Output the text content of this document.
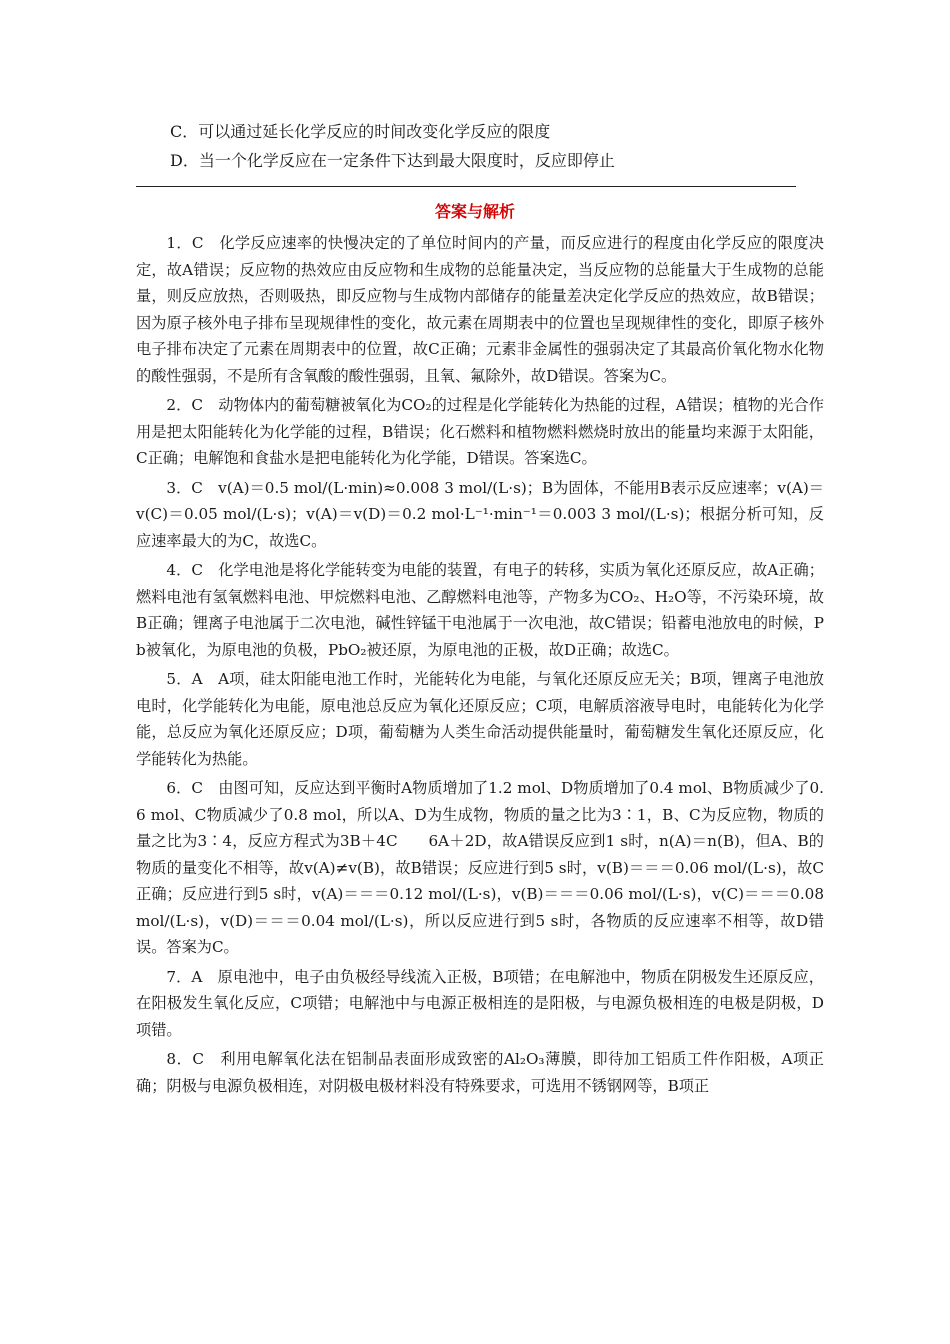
C．可以通过延长化学反应的时间改变化学反应的限度
D．当一个化学反应在一定条件下达到最大限度时，反应即停止
答案与解析

1．C　化学反应速率的快慢决定的了单位时间内的产量，而反应进行的程度由化学反应的限度决定，故A错误；反应物的热效应由反应物和生成物的总能量决定，当反应物的总能量大于生成物的总能量，则反应放热，否则吸热，即反应物与生成物内部储存的能量差决定化学反应的热效应，故B错误；因为原子核外电子排布呈现规律性的变化，故元素在周期表中的位置也呈现规律性的变化，即原子核外电子排布决定了元素在周期表中的位置，故C正确；元素非金属性的强弱决定了其最高价氧化物水化物的酸性强弱，不是所有含氧酸的酸性强弱，且氧、氟除外，故D错误。答案为C。

2．C　动物体内的葡萄糖被氧化为CO₂的过程是化学能转化为热能的过程，A错误；植物的光合作用是把太阳能转化为化学能的过程，B错误；化石燃料和植物燃料燃烧时放出的能量均来源于太阳能，C正确；电解饱和食盐水是把电能转化为化学能，D错误。答案选C。

3．C　v(A)＝0.5 mol/(L·min)≈0.008 3 mol/(L·s)；B为固体，不能用B表示反应速率；v(A)＝v(C)＝0.05 mol/(L·s)；v(A)＝v(D)＝0.2 mol·L⁻¹·min⁻¹＝0.003 3 mol/(L·s)；根据分析可知，反应速率最大的为C，故选C。

4．C　化学电池是将化学能转变为电能的装置，有电子的转移，实质为氧化还原反应，故A正确；燃料电池有氢氧燃料电池、甲烷燃料电池、乙醇燃料电池等，产物多为CO₂、H₂O等，不污染环境，故B正确；锂离子电池属于二次电池，碱性锌锰干电池属于一次电池，故C错误；铅蓄电池放电的时候，Pb被氧化，为原电池的负极，PbO₂被还原，为原电池的正极，故D正确；故选C。

5．A　A项，硅太阳能电池工作时，光能转化为电能，与氧化还原反应无关；B项，锂离子电池放电时，化学能转化为电能，原电池总反应为氧化还原反应；C项，电解质溶液导电时，电能转化为化学能，总反应为氧化还原反应；D项，葡萄糖为人类生命活动提供能量时，葡萄糖发生氧化还原反应，化学能转化为热能。

6．C　由图可知，反应达到平衡时A物质增加了1.2 mol、D物质增加了0.4 mol、B物质减少了0.6 mol、C物质减少了0.8 mol，所以A、D为生成物，物质的量之比为3∶1，B、C为反应物，物质的量之比为3∶4，反应方程式为3B＋4C　　6A＋2D，故A错误反应到1 s时，n(A)＝n(B)，但A、B的物质的量变化不相等，故v(A)≠v(B)，故B错误；反应进行到5 s时，v(B)＝＝＝0.06 mol/(L·s)，故C正确；反应进行到5 s时，v(A)＝＝＝0.12 mol/(L·s)，v(B)＝＝＝0.06 mol/(L·s)，v(C)＝＝＝0.08 mol/(L·s)，v(D)＝＝＝0.04 mol/(L·s)，所以反应进行到5 s时，各物质的反应速率不相等，故D错误。答案为C。

7．A　原电池中，电子由负极经导线流入正极，B项错；在电解池中，物质在阴极发生还原反应，在阳极发生氧化反应，C项错；电解池中与电源正极相连的是阳极，与电源负极相连的电极是阴极，D项错。

8．C　利用电解氧化法在铝制品表面形成致密的Al₂O₃薄膜，即待加工铝质工件作阳极，A项正确；阴极与电源负极相连，对阴极电极材料没有特殊要求，可选用不锈钢网等，B项正
